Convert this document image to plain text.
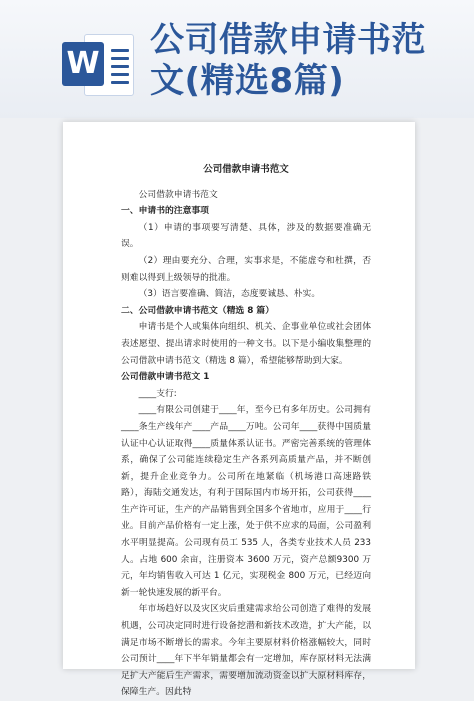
W
公司借款申请书范
文(精选8篇)
公司借款申请书范文

公司借款申请书范文

一、申请书的注意事项

（1）申请的事项要写清楚、具体，涉及的数据要准确无误。

（2）理由要充分、合理，实事求是，不能虚夸和杜撰，否则难以得到上级领导的批准。

（3）语言要准确、简洁，态度要诚恳、朴实。

二、公司借款申请书范文（精选 8 篇）

申请书是个人或集体向组织、机关、企事业单位或社会团体表述愿望、提出请求时使用的一种文书。以下是小编收集整理的公司借款申请书范文（精选 8 篇），希望能够帮助到大家。

公司借款申请书范文 1

____支行:

____有限公司创建于____年，至今已有多年历史。公司拥有____条生产线年产____产品____万吨。公司年____获得中国质量认证中心认证取得____质量体系认证书。严密完善系统的管理体系，确保了公司能连续稳定生产各系列高质量产品，并不断创新，提升企业竞争力。公司所在地紧临（机场港口高速路铁路），海陆交通发达，有利于国际国内市场开拓，公司获得____生产许可证，生产的产品销售到全国多个省地市，应用于____行业。目前产品价格有一定上涨，处于供不应求的局面，公司盈利水平明显提高。公司现有员工 535 人，各类专业技术人员 233 人。占地 600 余亩，注册资本 3600 万元，资产总额9300 万元，年均销售收入可达 1 亿元，实现税金 800 万元，已经迈向新一轮快速发展的新平台。

年市场趋好以及灾区灾后重建需求给公司创造了难得的发展机遇，公司决定同时进行设备挖潜和新技术改造，扩大产能，以满足市场不断增长的需求。今年主要原材料价格涨幅较大，同时公司预计____年下半年销量都会有一定增加，库存原材料无法满足扩大产能后生产需求，需要增加流动资金以扩大原材料库存，保障生产。因此特
